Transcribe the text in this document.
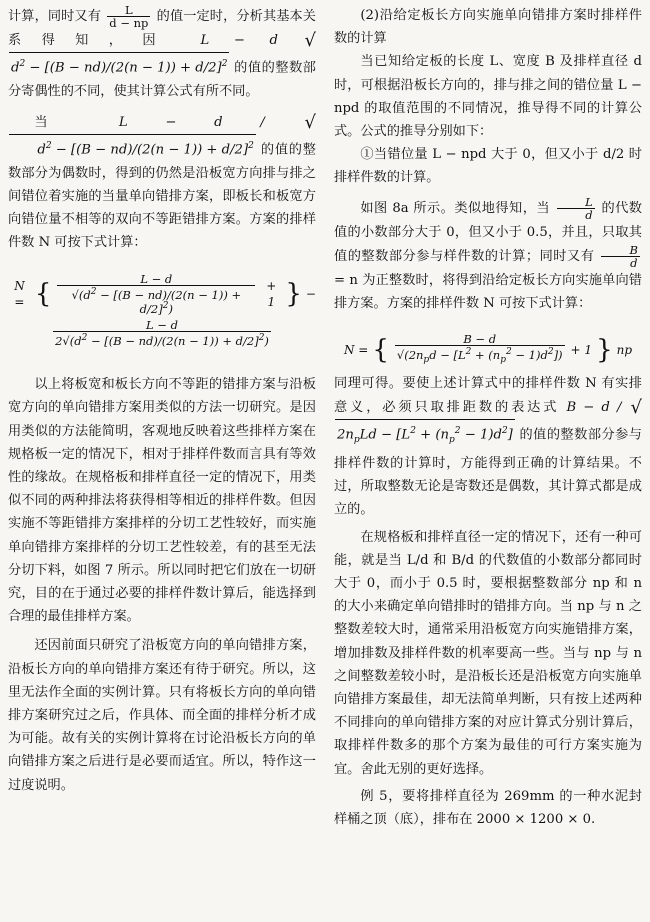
计算，同时又有 $\frac{L}{d - np}$ 的值一定时，分析其基本关系得知，因 L − d $√d^2 - [(B - nd)/(2(n - 1)) + d/2]^2$ 的值的整数部分寄偶性的不同，使其计算公式有所不同。

当	$L - d / √d^2 - [(B - nd)/(2(n - 1)) + d/2]^2$ 的值的整数部分为偶数时，得到的仍然是沿板宽方向排与排之间错位着实施的当量单向错排方案，即板长和板宽方向错位量不相等的双向不等距错排方案。方案的排样件数 N 可按下式计算：

N = { $\frac{L - d}{√(d^2 - [(B - nd)/(2(n - 1)) + d/2]^2)} + 1$ } −
$\frac{L - d}{2√(d^2 - [(B - nd)/(2(n - 1)) + d/2]^2)}$

以上将板宽和板长方向不等距的错排方案与沿板宽方向的单向错排方案用类似的方法一切研究。是因用类似的方法能简明，客观地反映着这些排样方案在规格板一定的情况下，相对于排样件数而言具有等效性的缘故。在规格板和排样直径一定的情况下，用类似不同的两种排法将获得相等相近的排样件数。但因实施不等距错排方案排样的分切工艺性较好，而实施单向错排方案排样的分切工艺性较差，有的甚至无法分切下料，如图 7 所示。所以同时把它们放在一切研究，目的在于通过必要的排样件数计算后，能选择到合理的最佳排样方案。

还因前面只研究了沿板宽方向的单向错排方案，沿板长方向的单向错排方案还有待于研究。所以，这里无法作全面的实例计算。只有将板长方向的单向错排方案研究过之后，作具体、而全面的排样分析才成为可能。故有关的实例计算将在讨论沿板长方向的单向错排方案之后进行是必要而适宜。所以，特作这一过度说明。

(2)沿给定板长方向实施单向错排方案时排样件数的计算

当已知给定板的长度 L、宽度 B 及排样直径 d 时，可根据沿板长方向的，排与排之间的错位量 L − npd 的取值范围的不同情况，推导得不同的计算公式。公式的推导分别如下：

①当错位量 L − npd 大于 0，但又小于 d/2 时排样件数的计算。

如图 8a 所示。类似地得知，当 $\frac{L}{d}$ 的代数值的小数部分大于 0，但又小于 0.5，并且，只取其值的整数部分参与样件数的计算；同时又有 $\frac{B}{d}$
= n 为正整数时，将得到沿给定板长方向实施单向错排方案。方案的排样件数 N 可按下式计算：

N = { $\frac{B - d}{√(2n_pd - [L^2 + (n_p^2 - 1)d^2])} + 1$ } np

同理可得。要使上述计算式中的排样件数 N 有实排意义，必须只取排距数的表达式 $B - d / √2n_pLd - [L^2 + (n_p^2 - 1)d^2]$ 的值的整数部分参与排样件数的计算时，方能得到正确的计算结果。不过，所取整数无论是寄数还是偶数，其计算式都是成立的。

在规格板和排样直径一定的情况下，还有一种可能，就是当 L/d 和 B/d 的代数值的小数部分都同时大于 0，而小于 0.5 时，要根据整数部分 np 和 n 的大小来确定单向错排时的错排方向。当 np 与 n 之整数差较大时，通常采用沿板宽方向实施错排方案，增加排数及排样件数的机率要高一些。当与 np 与 n 之间整数差较小时，是沿板长还是沿板宽方向实施单向错排方案最佳，却无法简单判断，只有按上述两种不同排向的单向错排方案的对应计算式分别计算后，取排样件数多的那个方案为最佳的可行方案实施为宜。舍此无别的更好选择。

例 5，要将排样直径为 269mm 的一种水泥封样桶之顶（底），排布在 2000 × 1200 × 0.
